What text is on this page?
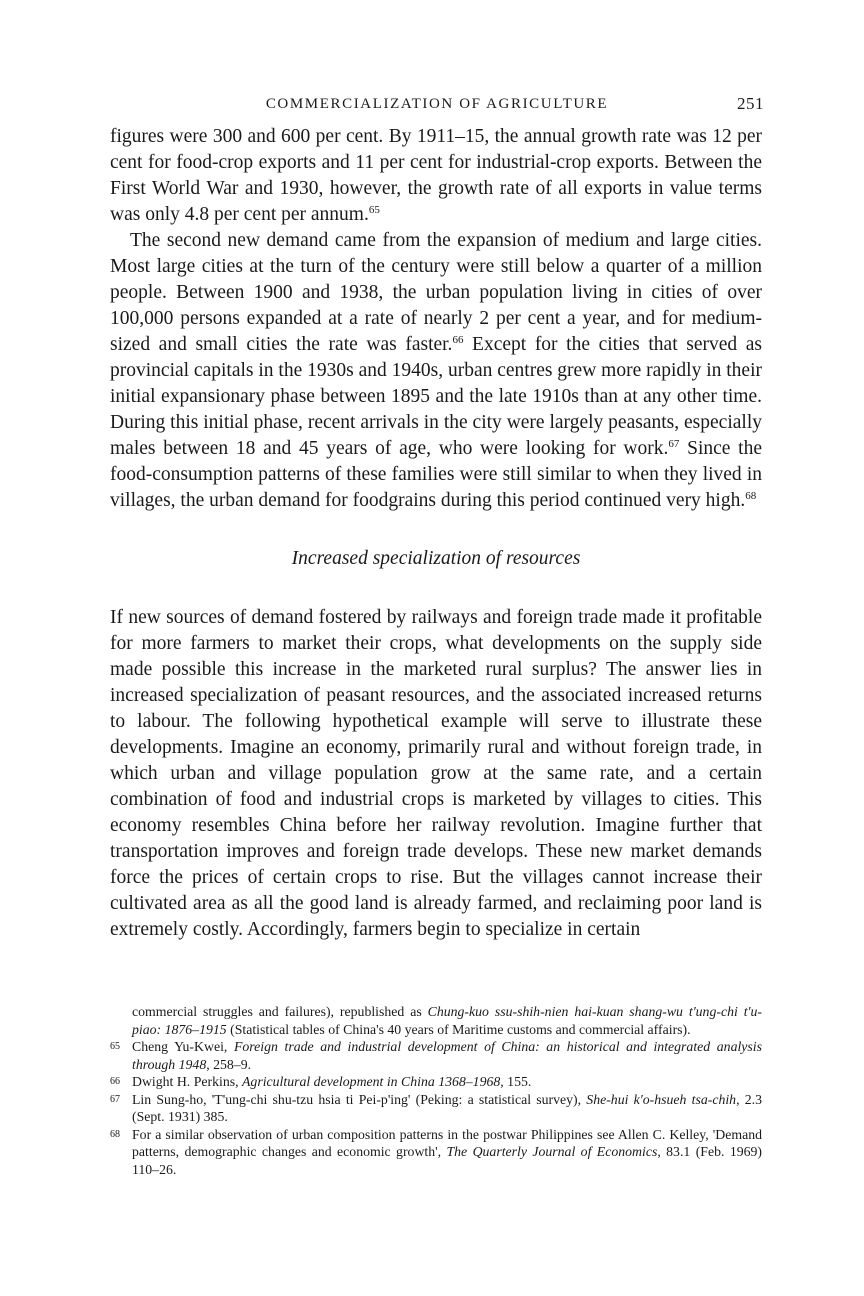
COMMERCIALIZATION OF AGRICULTURE	251

figures were 300 and 600 per cent. By 1911–15, the annual growth rate was 12 per cent for food-crop exports and 11 per cent for industrial-crop exports. Between the First World War and 1930, however, the growth rate of all exports in value terms was only 4.8 per cent per annum.$^{65}$

The second new demand came from the expansion of medium and large cities. Most large cities at the turn of the century were still below a quarter of a million people. Between 1900 and 1938, the urban population living in cities of over 100,000 persons expanded at a rate of nearly 2 per cent a year, and for medium-sized and small cities the rate was faster.$^{66}$ Except for the cities that served as provincial capitals in the 1930s and 1940s, urban centres grew more rapidly in their initial expansionary phase between 1895 and the late 1910s than at any other time. During this initial phase, recent arrivals in the city were largely peasants, especially males between 18 and 45 years of age, who were looking for work.$^{67}$ Since the food-consumption patterns of these families were still similar to when they lived in villages, the urban demand for foodgrains during this period continued very high.$^{68}$

Increased specialization of resources

If new sources of demand fostered by railways and foreign trade made it profitable for more farmers to market their crops, what developments on the supply side made possible this increase in the marketed rural surplus? The answer lies in increased specialization of peasant resources, and the associated increased returns to labour. The following hypothetical example will serve to illustrate these developments. Imagine an economy, primarily rural and without foreign trade, in which urban and village population grow at the same rate, and a certain combination of food and industrial crops is marketed by villages to cities. This economy resembles China before her railway revolution. Imagine further that transportation improves and foreign trade develops. These new market demands force the prices of certain crops to rise. But the villages cannot increase their cultivated area as all the good land is already farmed, and reclaiming poor land is extremely costly. Accordingly, farmers begin to specialize in certain

commercial struggles and failures), republished as Chung-kuo ssu-shih-nien hai-kuan shang-wu t'ung-chi t'u-piao: 1876–1915 (Statistical tables of China's 40 years of Maritime customs and commercial affairs).

65 Cheng Yu-Kwei, Foreign trade and industrial development of China: an historical and integrated analysis through 1948, 258–9.

66 Dwight H. Perkins, Agricultural development in China 1368–1968, 155.

67 Lin Sung-ho, 'T'ung-chi shu-tzu hsia ti Pei-p'ing' (Peking: a statistical survey), She-hui k'o-hsueh tsa-chih, 2.3 (Sept. 1931) 385.

68 For a similar observation of urban composition patterns in the postwar Philippines see Allen C. Kelley, 'Demand patterns, demographic changes and economic growth', The Quarterly Journal of Economics, 83.1 (Feb. 1969) 110–26.
